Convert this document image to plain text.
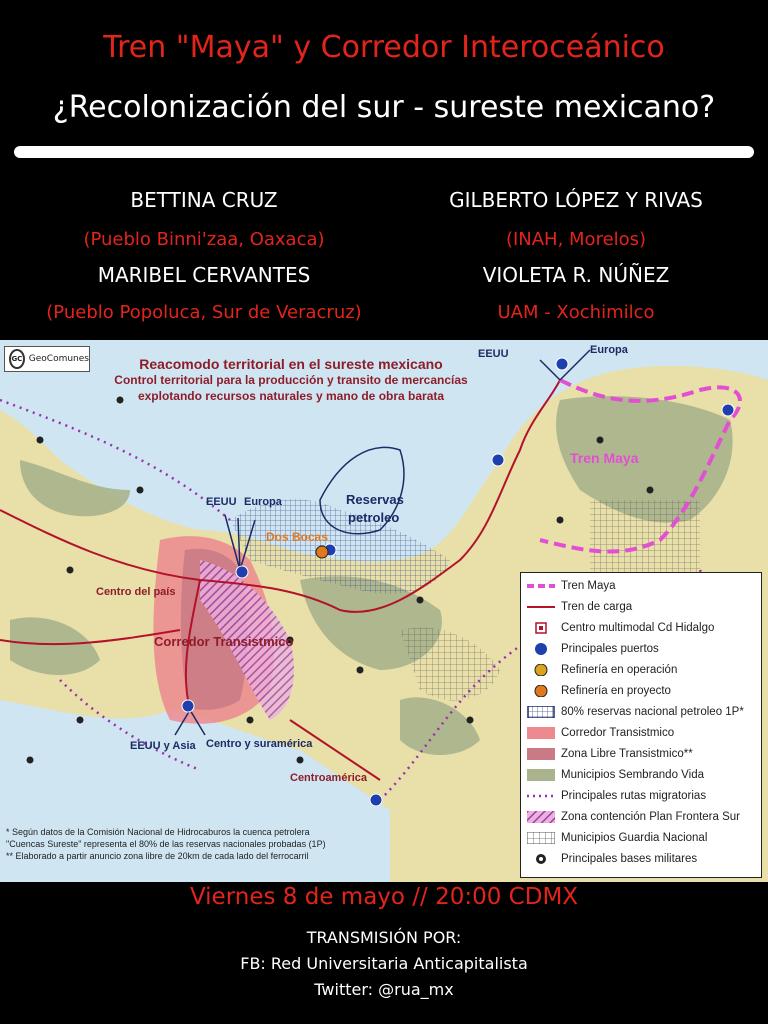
Tren "Maya" y Corredor Interoceánico
¿Recolonización del sur - sureste mexicano?
BETTINA CRUZ
(Pueblo Binni'zaa, Oaxaca)
GILBERTO LÓPEZ Y RIVAS
(INAH, Morelos)
MARIBEL CERVANTES
(Pueblo Popoluca, Sur de Veracruz)
VIOLETA R. NÚÑEZ
UAM - Xochimilco
GC GeoComunes	Reacomodo territorial en el sureste mexicano
Control territorial para la producción y transito de mercancías
explotando recursos naturales y mano de obra barata
EEUU	Europa
Tren Maya
EEUU Europa
Dos Bocas
Reservas
petroleo
Centro del país
Corredor Transistmico
EEUU y Asia Centro y suramérica
Centroamérica
Tren Maya
Tren de carga
Centro multimodal Cd Hidalgo
Principales puertos
Refinería en operación
Refinería en proyecto
80% reservas nacional petroleo 1P*
Corredor Transistmico
Zona Libre Transistmico**
Municipios Sembrando Vida
Principales rutas migratorias
Zona contención Plan Frontera Sur
Municipios Guardia Nacional
Principales bases militares
* Según datos de la Comisión Nacional de Hidrocaburos la cuenca petrolera
"Cuencas Sureste" representa el 80% de las reservas nacionales probadas (1P)
** Elaborado a partir anuncio zona libre de 20km de cada lado del ferrocarril
Viernes 8 de mayo // 20:00 CDMX
TRANSMISIÓN POR:
FB: Red Universitaria Anticapitalista
Twitter: @rua_mx
